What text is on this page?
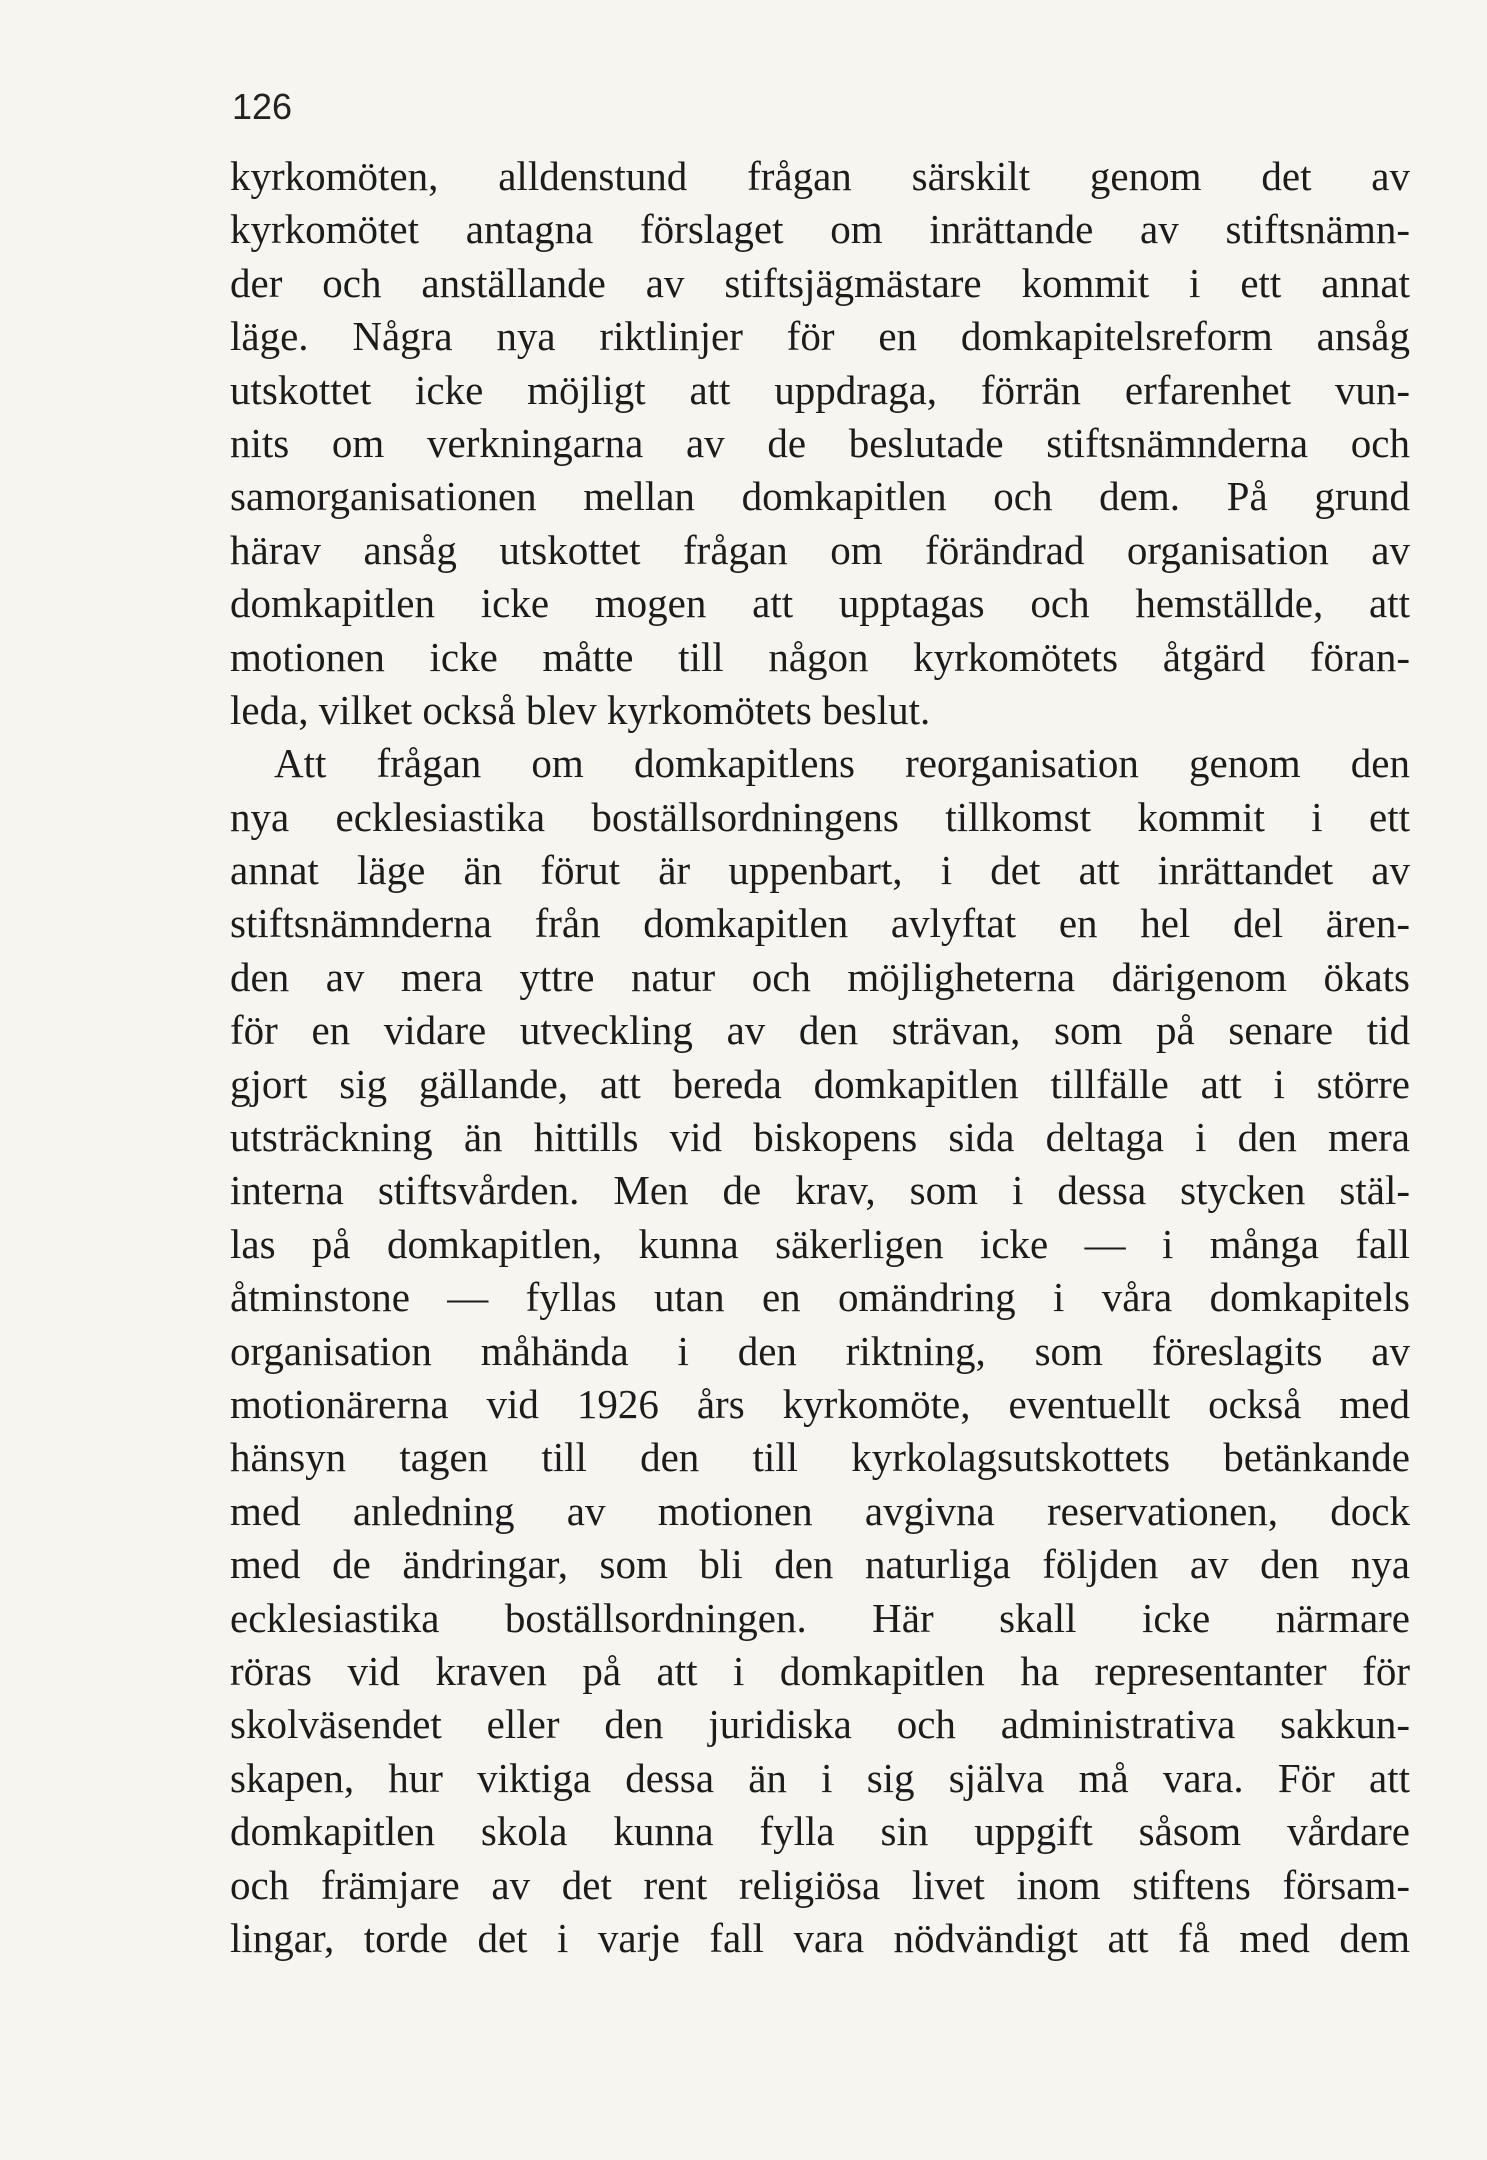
126
kyrkomöten, alldenstund frågan särskilt genom det av
kyrkomötet antagna förslaget om inrättande av stiftsnämn-
der och anställande av stiftsjägmästare kommit i ett annat
läge. Några nya riktlinjer för en domkapitelsreform ansåg
utskottet icke möjligt att uppdraga, förrän erfarenhet vun-
nits om verkningarna av de beslutade stiftsnämnderna och
samorganisationen mellan domkapitlen och dem. På grund
härav ansåg utskottet frågan om förändrad organisation av
domkapitlen icke mogen att upptagas och hemställde, att
motionen icke måtte till någon kyrkomötets åtgärd föran-
leda, vilket också blev kyrkomötets beslut.
Att frågan om domkapitlens reorganisation genom den
nya ecklesiastika boställsordningens tillkomst kommit i ett
annat läge än förut är uppenbart, i det att inrättandet av
stiftsnämnderna från domkapitlen avlyftat en hel del ären-
den av mera yttre natur och möjligheterna därigenom ökats
för en vidare utveckling av den strävan, som på senare tid
gjort sig gällande, att bereda domkapitlen tillfälle att i större
utsträckning än hittills vid biskopens sida deltaga i den mera
interna stiftsvården. Men de krav, som i dessa stycken stäl-
las på domkapitlen, kunna säkerligen icke — i många fall
åtminstone — fyllas utan en omändring i våra domkapitels
organisation måhända i den riktning, som föreslagits av
motionärerna vid 1926 års kyrkomöte, eventuellt också med
hänsyn tagen till den till kyrkolagsutskottets betänkande
med anledning av motionen avgivna reservationen, dock
med de ändringar, som bli den naturliga följden av den nya
ecklesiastika boställsordningen. Här skall icke närmare
röras vid kraven på att i domkapitlen ha representanter för
skolväsendet eller den juridiska och administrativa sakkun-
skapen, hur viktiga dessa än i sig själva må vara. För att
domkapitlen skola kunna fylla sin uppgift såsom vårdare
och främjare av det rent religiösa livet inom stiftens försam-
lingar, torde det i varje fall vara nödvändigt att få med dem
